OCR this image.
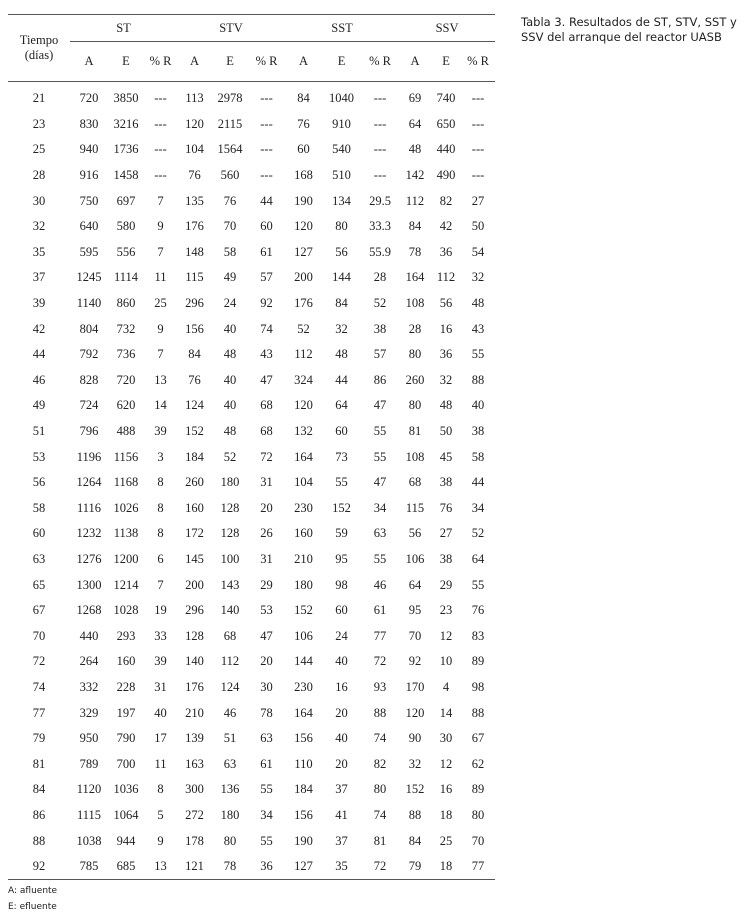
Tiempo
(días)	ST			STV			SST			SSV		
	A	E	% R	A	E	% R	A	E	% R	A	E	% R
21	720	3850	---	113	2978	---	84	1040	---	69	740	---
23	830	3216	---	120	2115	---	76	910	---	64	650	---
25	940	1736	---	104	1564	---	60	540	---	48	440	---
28	916	1458	---	76	560	---	168	510	---	142	490	---
30	750	697	7	135	76	44	190	134	29.5	112	82	27
32	640	580	9	176	70	60	120	80	33.3	84	42	50
35	595	556	7	148	58	61	127	56	55.9	78	36	54
37	1245	1114	11	115	49	57	200	144	28	164	112	32
39	1140	860	25	296	24	92	176	84	52	108	56	48
42	804	732	9	156	40	74	52	32	38	28	16	43
44	792	736	7	84	48	43	112	48	57	80	36	55
46	828	720	13	76	40	47	324	44	86	260	32	88
49	724	620	14	124	40	68	120	64	47	80	48	40
51	796	488	39	152	48	68	132	60	55	81	50	38
53	1196	1156	3	184	52	72	164	73	55	108	45	58
56	1264	1168	8	260	180	31	104	55	47	68	38	44
58	1116	1026	8	160	128	20	230	152	34	115	76	34
60	1232	1138	8	172	128	26	160	59	63	56	27	52
63	1276	1200	6	145	100	31	210	95	55	106	38	64
65	1300	1214	7	200	143	29	180	98	46	64	29	55
67	1268	1028	19	296	140	53	152	60	61	95	23	76
70	440	293	33	128	68	47	106	24	77	70	12	83
72	264	160	39	140	112	20	144	40	72	92	10	89
74	332	228	31	176	124	30	230	16	93	170	4	98
77	329	197	40	210	46	78	164	20	88	120	14	88
79	950	790	17	139	51	63	156	40	74	90	30	67
81	789	700	11	163	63	61	110	20	82	32	12	62
84	1120	1036	8	300	136	55	184	37	80	152	16	89
86	1115	1064	5	272	180	34	156	41	74	88	18	80
88	1038	944	9	178	80	55	190	37	81	84	25	70
92	785	685	13	121	78	36	127	35	72	79	18	77
Tabla 3. Resultados de ST, STV, SST y SSV del arranque del reactor UASB
A: afluente
E: efluente
